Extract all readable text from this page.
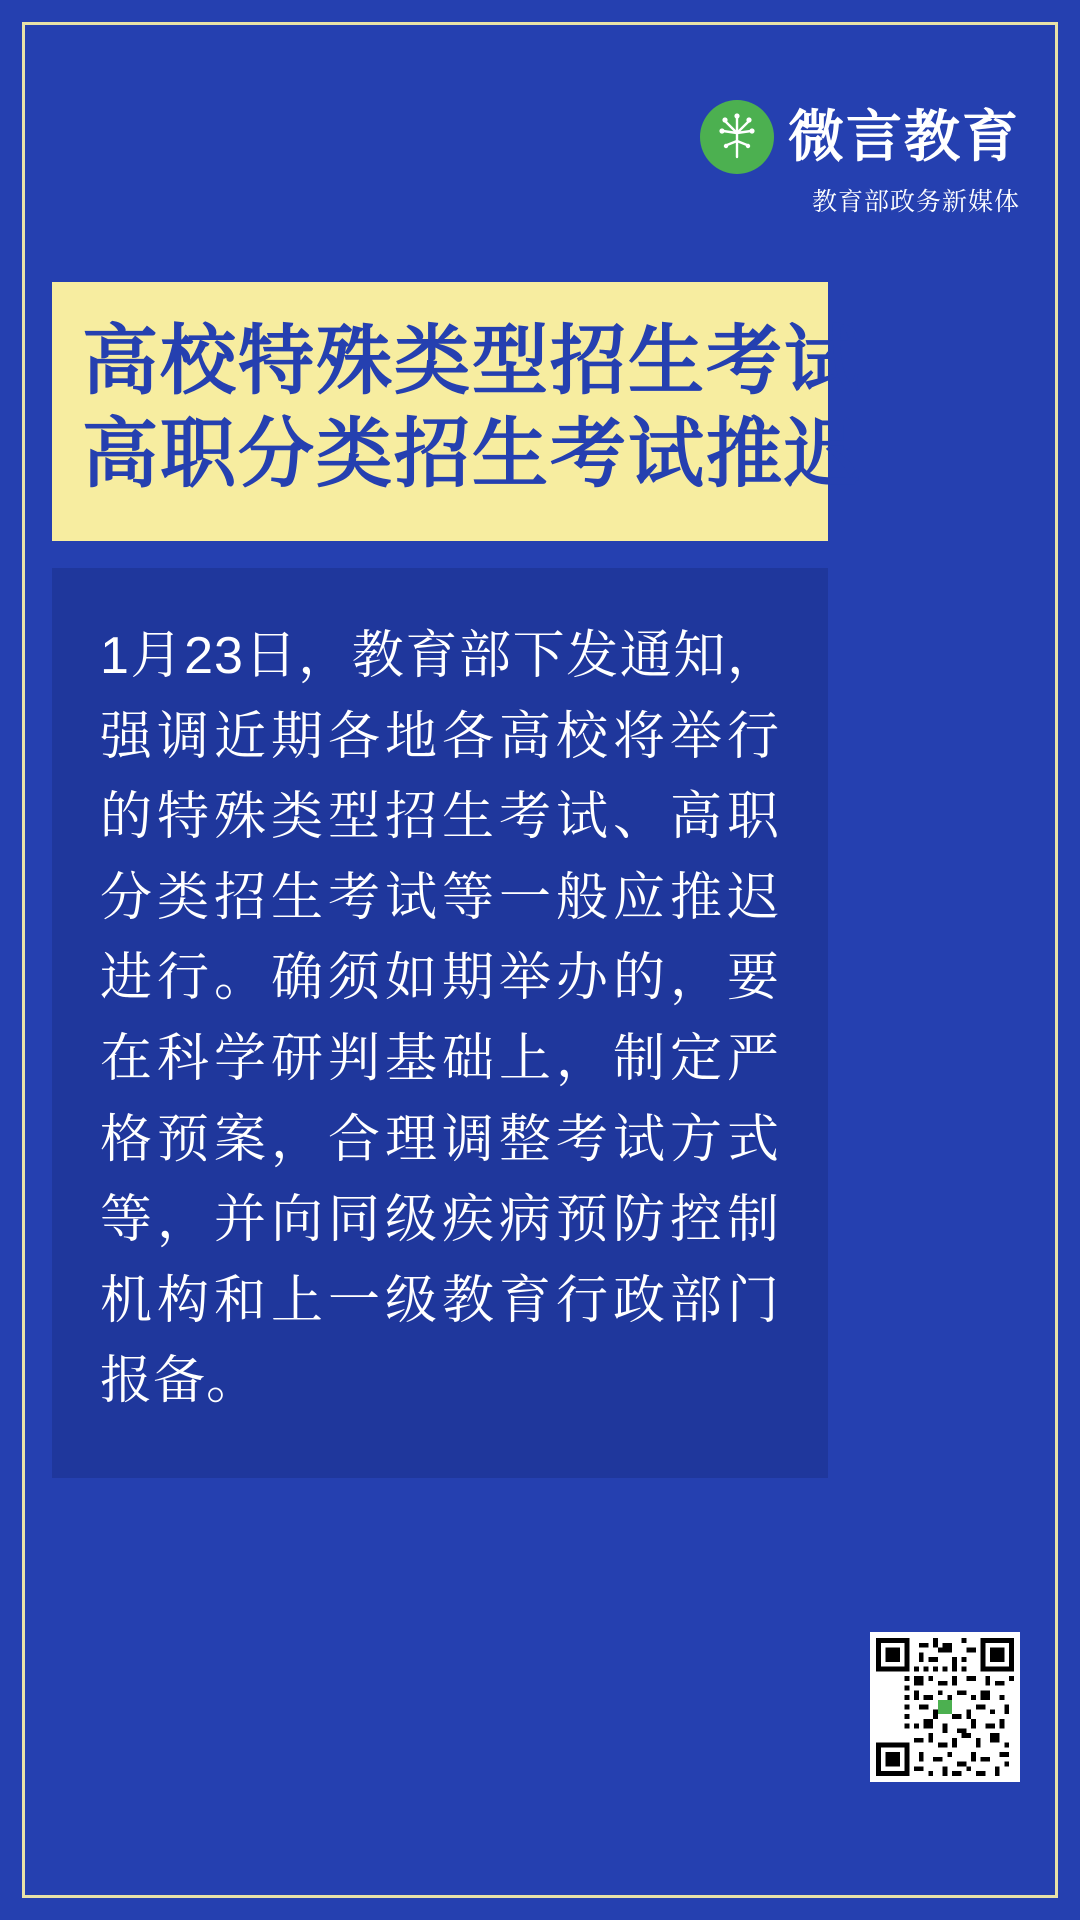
微言教育
教育部政务新媒体
高校特殊类型招生考试
高职分类招生考试推迟
1月23日，教育部下发通知，强调近期各地各高校将举行的特殊类型招生考试、高职分类招生考试等一般应推迟进行。确须如期举办的，要在科学研判基础上，制定严格预案，合理调整考试方式等，并向同级疾病预防控制机构和上一级教育行政部门报备。
